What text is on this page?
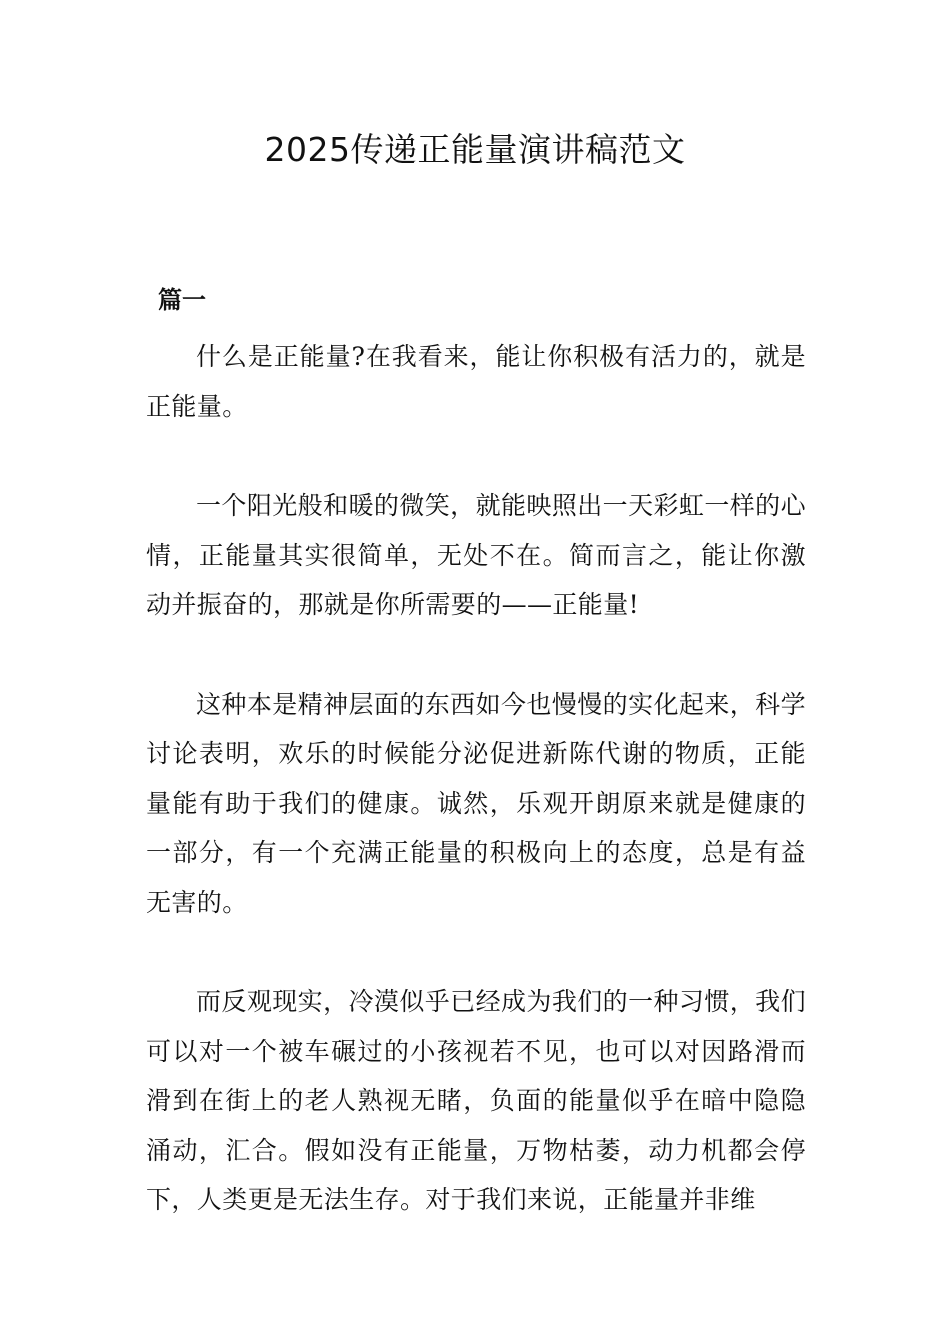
2025传递正能量演讲稿范文
篇一

什么是正能量?在我看来，能让你积极有活力的，就是正能量。

一个阳光般和暖的微笑，就能映照出一天彩虹一样的心情，正能量其实很简单，无处不在。简而言之，能让你激动并振奋的，那就是你所需要的——正能量!

这种本是精神层面的东西如今也慢慢的实化起来，科学讨论表明，欢乐的时候能分泌促进新陈代谢的物质，正能量能有助于我们的健康。诚然，乐观开朗原来就是健康的一部分，有一个充满正能量的积极向上的态度，总是有益无害的。

而反观现实，冷漠似乎已经成为我们的一种习惯，我们可以对一个被车碾过的小孩视若不见，也可以对因路滑而滑到在街上的老人熟视无睹，负面的能量似乎在暗中隐隐涌动，汇合。假如没有正能量，万物枯萎，动力机都会停下，人类更是无法生存。对于我们来说，正能量并非维
